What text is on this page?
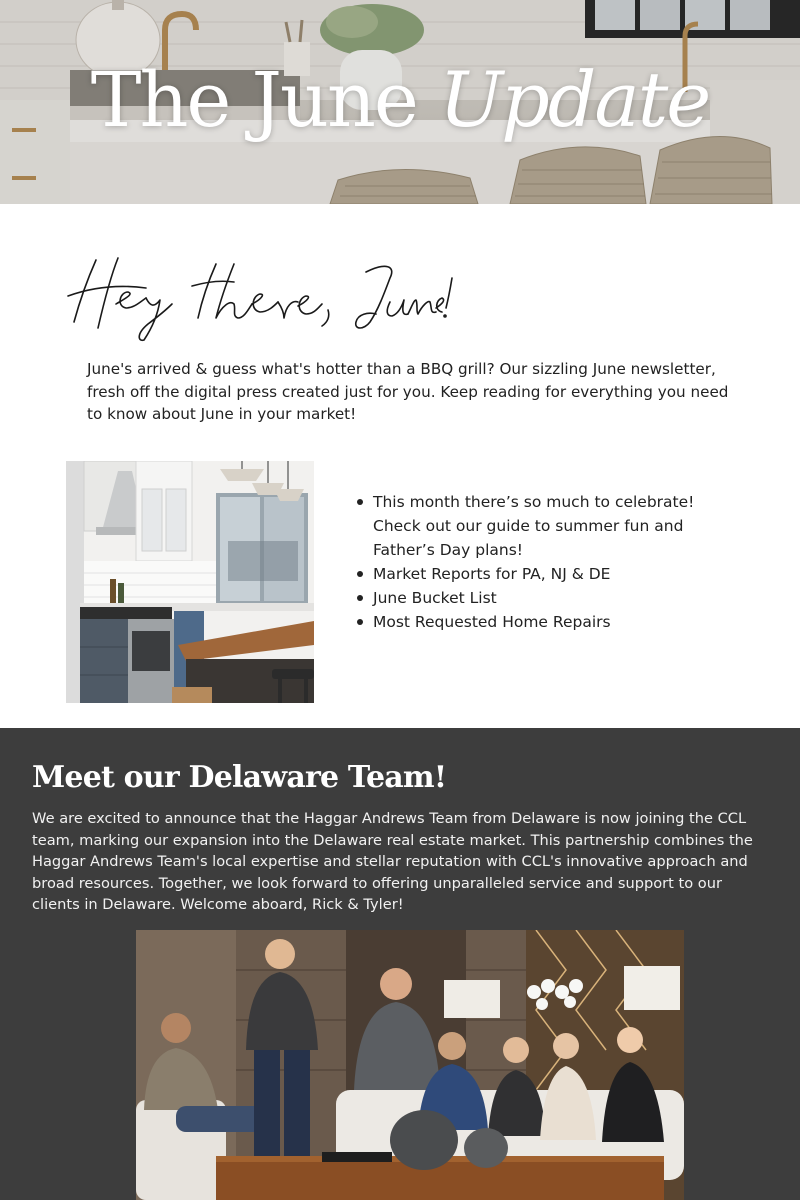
The June Update

June's arrived & guess what's hotter than a BBQ grill? Our sizzling June newsletter, fresh off the digital press created just for you. Keep reading for everything you need to know about June in your market!

This month there’s so much to celebrate! Check out our guide to summer fun and Father’s Day plans!
Market Reports for PA, NJ & DE
June Bucket List
Most Requested Home Repairs
Meet our Delaware Team!

We are excited to announce that the Haggar Andrews Team from Delaware is now joining the CCL team, marking our expansion into the Delaware real estate market. This partnership combines the Haggar Andrews Team's local expertise and stellar reputation with CCL's innovative approach and broad resources. Together, we look forward to offering unparalleled service and support to our clients in Delaware. Welcome aboard, Rick & Tyler!
